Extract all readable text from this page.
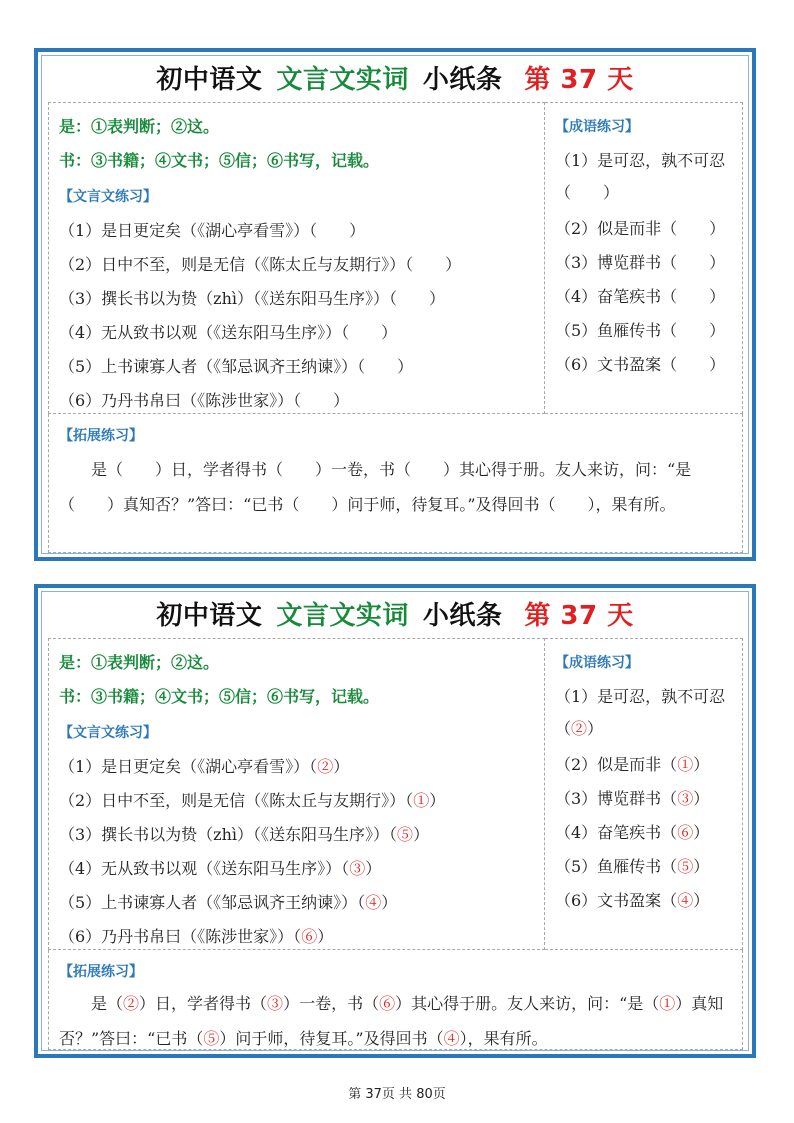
初中语文 文言文实词 小纸条 第 37 天
是：①表判断；②这。
书：③书籍；④文书；⑤信；⑥书写，记载。
【文言文练习】
（1）是日更定矣（《湖心亭看雪》）（　　）
（2）日中不至，则是无信（《陈太丘与友期行》）（　　）
（3）撰长书以为贽（zhì）（《送东阳马生序》）（　　）
（4）无从致书以观（《送东阳马生序》）（　　）
（5）上书谏寡人者（《邹忌讽齐王纳谏》）（　　）
（6）乃丹书帛曰（《陈涉世家》）（　　）
【成语练习】
（1）是可忍，孰不可忍
（　　）
（2）似是而非（　　）
（3）博览群书（　　）
（4）奋笔疾书（　　）
（5）鱼雁传书（　　）
（6）文书盈案（　　）
【拓展练习】
是（　　）日，学者得书（　　）一卷，书（　　）其心得于册。友人来访，问：“是（　　）真知否？”答曰：“已书（　　）问于师，待复耳。”及得回书（　　），果有所。
初中语文 文言文实词 小纸条 第 37 天
是：①表判断；②这。
书：③书籍；④文书；⑤信；⑥书写，记载。
【文言文练习】
（1）是日更定矣（《湖心亭看雪》）（②）
（2）日中不至，则是无信（《陈太丘与友期行》）（①）
（3）撰长书以为贽（zhì）（《送东阳马生序》）（⑤）
（4）无从致书以观（《送东阳马生序》）（③）
（5）上书谏寡人者（《邹忌讽齐王纳谏》）（④）
（6）乃丹书帛曰（《陈涉世家》）（⑥）
【成语练习】
（1）是可忍，孰不可忍
（②）
（2）似是而非（①）
（3）博览群书（③）
（4）奋笔疾书（⑥）
（5）鱼雁传书（⑤）
（6）文书盈案（④）
【拓展练习】
是（②）日，学者得书（③）一卷，书（⑥）其心得于册。友人来访，问：“是（①）真知否？”答曰：“已书（⑤）问于师，待复耳。”及得回书（④），果有所。
第 37页 共 80页
